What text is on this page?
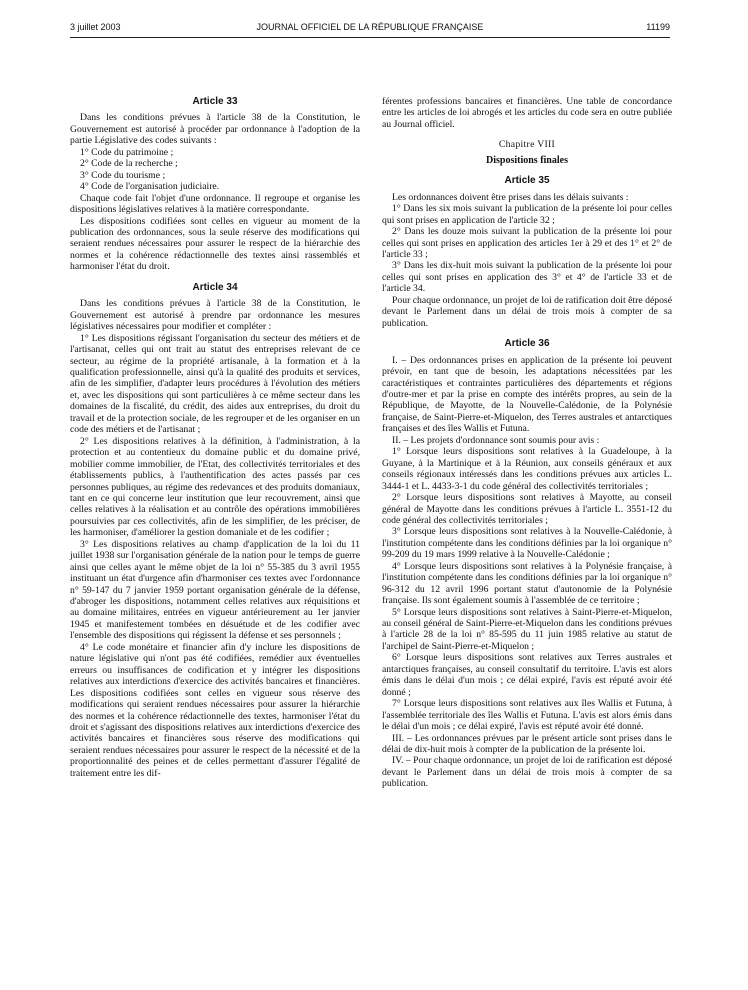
3 juillet 2003	JOURNAL OFFICIEL DE LA RÉPUBLIQUE FRANÇAISE	11199
Article 33

Dans les conditions prévues à l'article 38 de la Constitution, le Gouvernement est autorisé à procéder par ordonnance à l'adoption de la partie Législative des codes suivants :

1° Code du patrimoine ;

2° Code de la recherche ;

3° Code du tourisme ;

4° Code de l'organisation judiciaire.

Chaque code fait l'objet d'une ordonnance. Il regroupe et organise les dispositions législatives relatives à la matière correspondante.

Les dispositions codifiées sont celles en vigueur au moment de la publication des ordonnances, sous la seule réserve des modifications qui seraient rendues nécessaires pour assurer le respect de la hiérarchie des normes et la cohérence rédactionnelle des textes ainsi rassemblés et harmoniser l'état du droit.

Article 34

Dans les conditions prévues à l'article 38 de la Constitution, le Gouvernement est autorisé à prendre par ordonnance les mesures législatives nécessaires pour modifier et compléter :

1° Les dispositions régissant l'organisation du secteur des métiers et de l'artisanat, celles qui ont trait au statut des entreprises relevant de ce secteur, au régime de la propriété artisanale, à la formation et à la qualification professionnelle, ainsi qu'à la qualité des produits et services, afin de les simplifier, d'adapter leurs procédures à l'évolution des métiers et, avec les dispositions qui sont particulières à ce même secteur dans les domaines de la fiscalité, du crédit, des aides aux entreprises, du droit du travail et de la protection sociale, de les regrouper et de les organiser en un code des métiers et de l'artisanat ;

2° Les dispositions relatives à la définition, à l'administration, à la protection et au contentieux du domaine public et du domaine privé, mobilier comme immobilier, de l'Etat, des collectivités territoriales et des établissements publics, à l'authentification des actes passés par ces personnes publiques, au régime des redevances et des produits domaniaux, tant en ce qui concerne leur institution que leur recouvrement, ainsi que celles relatives à la réalisation et au contrôle des opérations immobilières poursuivies par ces collectivités, afin de les simplifier, de les préciser, de les harmoniser, d'améliorer la gestion domaniale et de les codifier ;

3° Les dispositions relatives au champ d'application de la loi du 11 juillet 1938 sur l'organisation générale de la nation pour le temps de guerre ainsi que celles ayant le même objet de la loi n° 55-385 du 3 avril 1955 instituant un état d'urgence afin d'harmoniser ces textes avec l'ordonnance n° 59-147 du 7 janvier 1959 portant organisation générale de la défense, d'abroger les dispositions, notamment celles relatives aux réquisitions et au domaine militaires, entrées en vigueur antérieurement au 1er janvier 1945 et manifestement tombées en désuétude et de les codifier avec l'ensemble des dispositions qui régissent la défense et ses personnels ;

4° Le code monétaire et financier afin d'y inclure les dispositions de nature législative qui n'ont pas été codifiées, remédier aux éventuelles erreurs ou insuffisances de codification et y intégrer les dispositions relatives aux interdictions d'exercice des activités bancaires et financières. Les dispositions codifiées sont celles en vigueur sous réserve des modifications qui seraient rendues nécessaires pour assurer la hiérarchie des normes et la cohérence rédactionnelle des textes, harmoniser l'état du droit et s'agissant des dispositions relatives aux interdictions d'exercice des activités bancaires et financières sous réserve des modifications qui seraient rendues nécessaires pour assurer le respect de la nécessité et de la proportionnalité des peines et de celles permettant d'assurer l'égalité de traitement entre les dif-

férentes professions bancaires et financières. Une table de concordance entre les articles de loi abrogés et les articles du code sera en outre publiée au Journal officiel.

Chapitre VIII
Dispositions finales
Article 35

Les ordonnances doivent être prises dans les délais suivants :

1° Dans les six mois suivant la publication de la présente loi pour celles qui sont prises en application de l'article 32 ;

2° Dans les douze mois suivant la publication de la présente loi pour celles qui sont prises en application des articles 1er à 29 et des 1° et 2° de l'article 33 ;

3° Dans les dix-huit mois suivant la publication de la présente loi pour celles qui sont prises en application des 3° et 4° de l'article 33 et de l'article 34.

Pour chaque ordonnance, un projet de loi de ratification doit être déposé devant le Parlement dans un délai de trois mois à compter de sa publication.

Article 36

I. – Des ordonnances prises en application de la présente loi peuvent prévoir, en tant que de besoin, les adaptations nécessitées par les caractéristiques et contraintes particulières des départements et régions d'outre-mer et par la prise en compte des intérêts propres, au sein de la République, de Mayotte, de la Nouvelle-Calédonie, de la Polynésie française, de Saint-Pierre-et-Miquelon, des Terres australes et antarctiques françaises et des îles Wallis et Futuna.

II. – Les projets d'ordonnance sont soumis pour avis :

1° Lorsque leurs dispositions sont relatives à la Guadeloupe, à la Guyane, à la Martinique et à la Réunion, aux conseils généraux et aux conseils régionaux intéressés dans les conditions prévues aux articles L. 3444-1 et L. 4433-3-1 du code général des collectivités territoriales ;

2° Lorsque leurs dispositions sont relatives à Mayotte, au conseil général de Mayotte dans les conditions prévues à l'article L. 3551-12 du code général des collectivités territoriales ;

3° Lorsque leurs dispositions sont relatives à la Nouvelle-Calédonie, à l'institution compétente dans les conditions définies par la loi organique n° 99-209 du 19 mars 1999 relative à la Nouvelle-Calédonie ;

4° Lorsque leurs dispositions sont relatives à la Polynésie française, à l'institution compétente dans les conditions définies par la loi organique n° 96-312 du 12 avril 1996 portant statut d'autonomie de la Polynésie française. Ils sont également soumis à l'assemblée de ce territoire ;

5° Lorsque leurs dispositions sont relatives à Saint-Pierre-et-Miquelon, au conseil général de Saint-Pierre-et-Miquelon dans les conditions prévues à l'article 28 de la loi n° 85-595 du 11 juin 1985 relative au statut de l'archipel de Saint-Pierre-et-Miquelon ;

6° Lorsque leurs dispositions sont relatives aux Terres australes et antarctiques françaises, au conseil consultatif du territoire. L'avis est alors émis dans le délai d'un mois ; ce délai expiré, l'avis est réputé avoir été donné ;

7° Lorsque leurs dispositions sont relatives aux îles Wallis et Futuna, à l'assemblée territoriale des îles Wallis et Futuna. L'avis est alors émis dans le délai d'un mois ; ce délai expiré, l'avis est réputé avoir été donné.

III. – Les ordonnances prévues par le présent article sont prises dans le délai de dix-huit mois à compter de la publication de la présente loi.

IV. – Pour chaque ordonnance, un projet de loi de ratification est déposé devant le Parlement dans un délai de trois mois à compter de sa publication.
